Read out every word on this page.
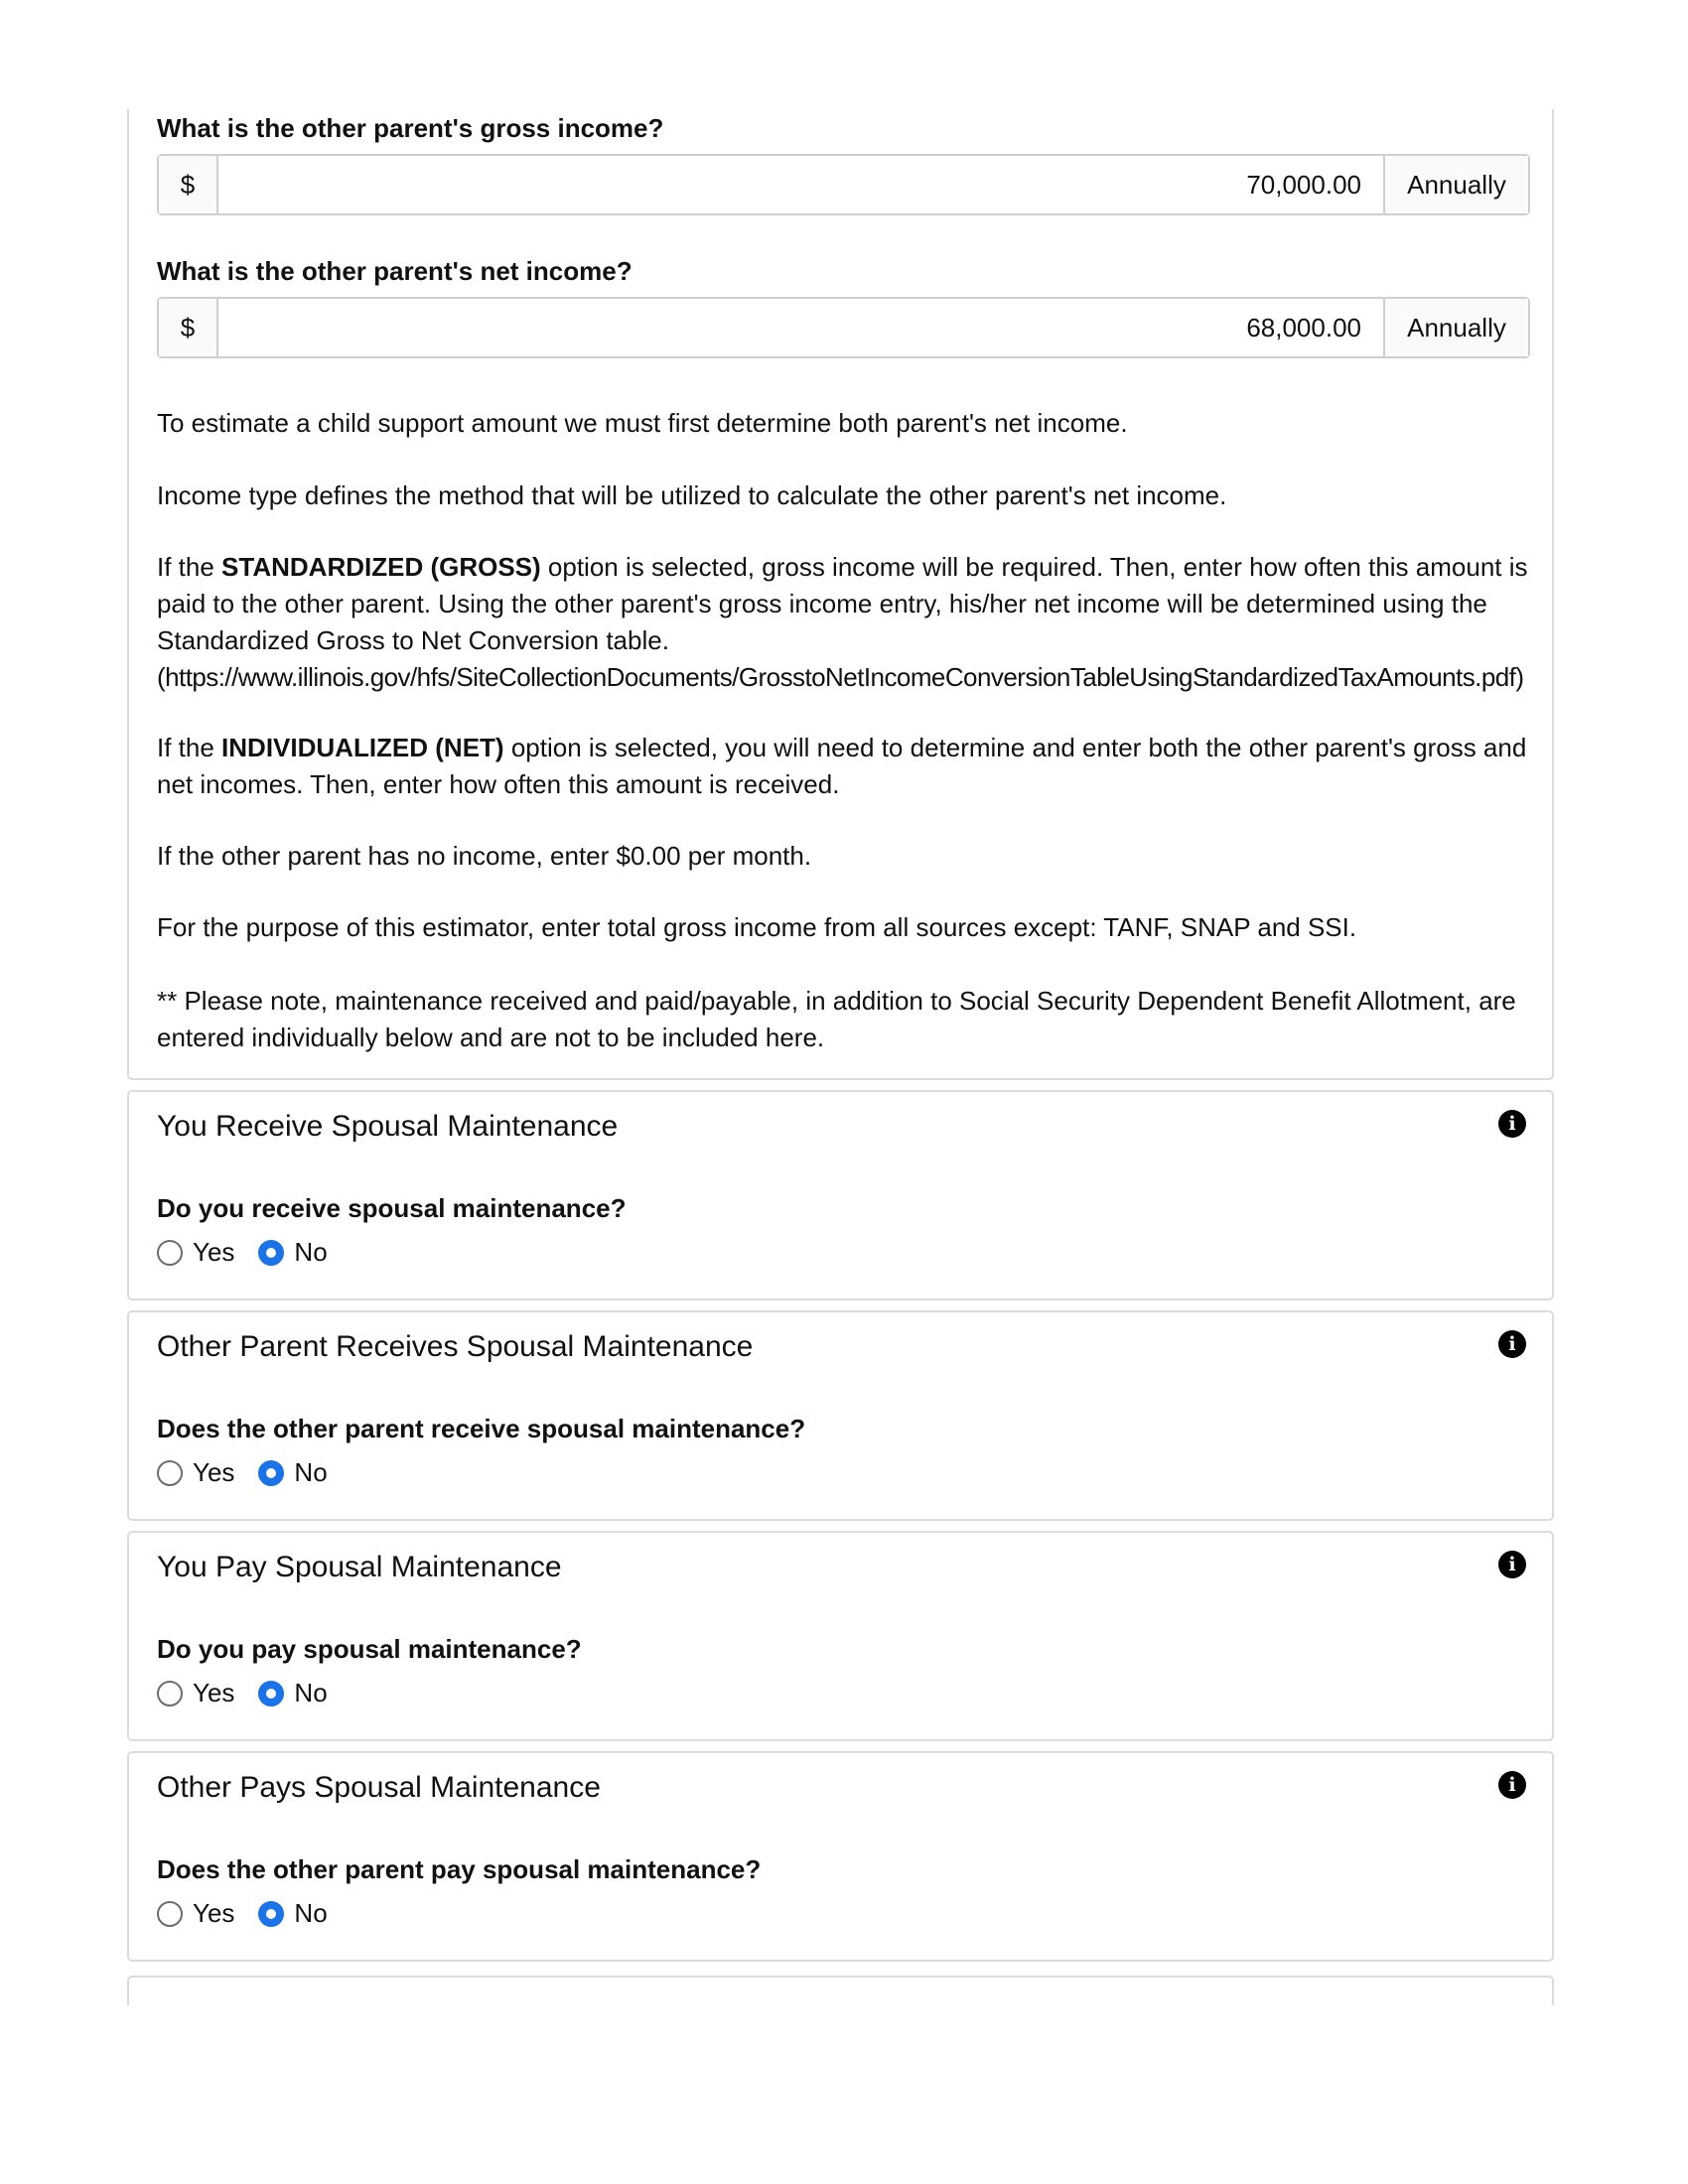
What is the other parent's gross income?
$	70,000.00	Annually
What is the other parent's net income?
$	68,000.00	Annually

To estimate a child support amount we must first determine both parent's net income.

Income type defines the method that will be utilized to calculate the other parent's net income.

If the STANDARDIZED (GROSS) option is selected, gross income will be required. Then, enter how often this amount is paid to the other parent. Using the other parent's gross income entry, his/her net income will be determined using the Standardized Gross to Net Conversion table.
(https://www.illinois.gov/hfs/SiteCollectionDocuments/GrosstoNetIncomeConversionTableUsingStandardizedTaxAmounts.pdf)

If the INDIVIDUALIZED (NET) option is selected, you will need to determine and enter both the other parent's gross and net incomes. Then, enter how often this amount is received.

If the other parent has no income, enter $0.00 per month.

For the purpose of this estimator, enter total gross income from all sources except: TANF, SNAP and SSI.

** Please note, maintenance received and paid/payable, in addition to Social Security Dependent Benefit Allotment, are entered individually below and are not to be included here.

You Receive Spousal Maintenance	i
Do you receive spousal maintenance?
Yes No
Other Parent Receives Spousal Maintenance	i
Does the other parent receive spousal maintenance?
Yes No
You Pay Spousal Maintenance	i
Do you pay spousal maintenance?
Yes No
Other Pays Spousal Maintenance	i
Does the other parent pay spousal maintenance?
Yes No
